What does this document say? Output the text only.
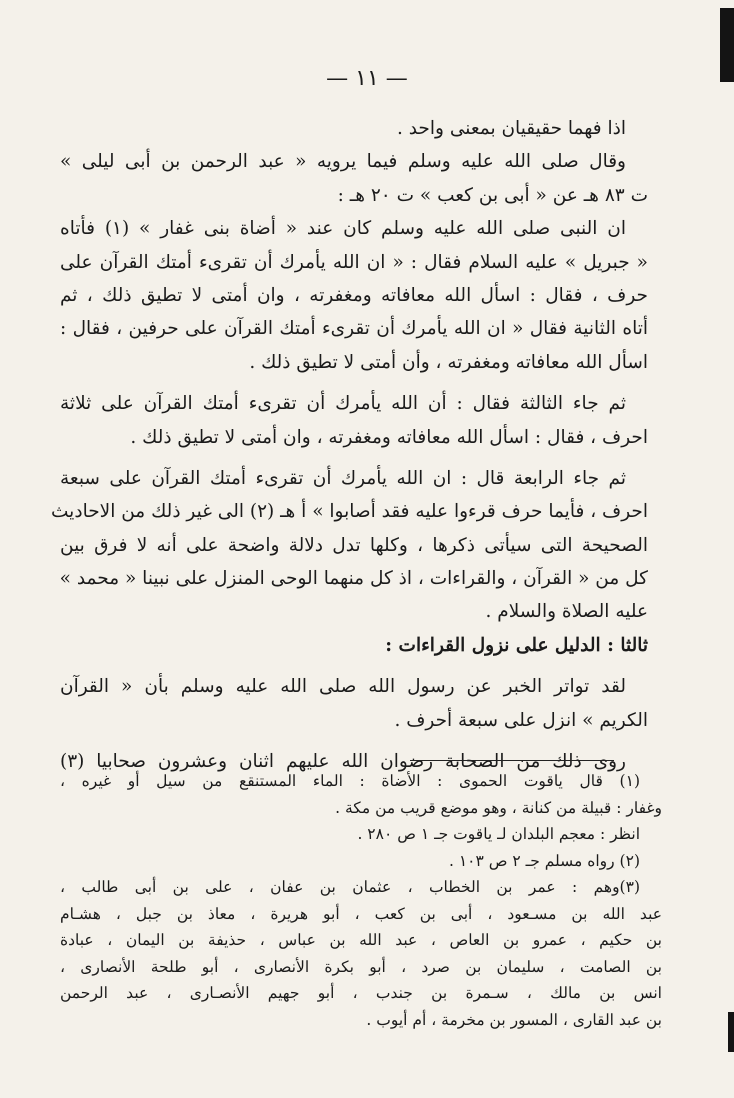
— ١١ —
اذا فهما حقيقيان بمعنى واحد .
وقال صلى الله عليه وسلم فيما يرويه « عبد الرحمن بن أبى ليلى »
ت ٨٣ هـ عن « أبى بن كعب » ت ٢٠ هـ :
ان النبى صلى الله عليه وسلم كان عند « أضاة بنى غفار » (١) فأتاه
« جبريل » عليه السلام فقال : « ان الله يأمرك أن تقرىء أمتك القرآن على
حرف ، فقال : اسأل الله معافاته ومغفرته ، وان أمتى لا تطيق ذلك ، ثم
أتاه الثانية فقال « ان الله يأمرك أن تقرىء أمتك القرآن على حرفين ، فقال :
اسأل الله معافاته ومغفرته ، وأن أمتى لا تطيق ذلك .
ثم جاء الثالثة فقال : أن الله يأمرك أن تقرىء أمتك القرآن على ثلاثة
احرف ، فقال : اسأل الله معافاته ومغفرته ، وان أمتى لا تطيق ذلك .
ثم جاء الرابعة قال : ان الله يأمرك أن تقرىء أمتك القرآن على سبعة
احرف ، فأيما حرف قرءوا عليه فقد أصابوا » أ هـ (٢) الى غير ذلك من الاحاديث
الصحيحة التى سيأتى ذكرها ، وكلها تدل دلالة واضحة على أنه لا فرق بين
كل من « القرآن ، والقراءات ، اذ كل منهما الوحى المنزل على نبينا « محمد »
عليه الصلاة والسلام .
ثالثا : الدليل على نزول القراءات :
لقد تواتر الخبر عن رسول الله صلى الله عليه وسلم بأن « القرآن
الكريم » انزل على سبعة أحرف .
روى ذلك من الصحابة رضوان الله عليهم اثنان وعشرون صحابيا (٣)
(١) قال ياقوت الحموى : الأضاة : الماء المستنقع من سيل أو غيره ،
وغفار : قبيلة من كنانة ، وهو موضع قريب من مكة .
انظر : معجم البلدان لـ ياقوت جـ ١ ص ٢٨٠ .
(٢) رواه مسلم جـ ٢ ص ١٠٣ .
(٣)وهم : عمر بن الخطاب ، عثمان بن عفان ، على بن أبى طالب ،
عبد الله بن مسـعود ، أبى بن كعب ، أبو هريرة ، معاذ بن جبل ، هشـام
بن حكيم ، عمرو بن العاص ، عبد الله بن عباس ، حذيفة بن اليمان ، عبادة
بن الصامت ، سليمان بن صرد ، أبو بكرة الأنصارى ، أبو طلحة الأنصارى ،
انس بن مالك ، سـمرة بن جندب ، أبو جهيم الأنصـارى ، عبد الرحمن
بن عبد القارى ، المسور بن مخرمة ، أم أيوب .
